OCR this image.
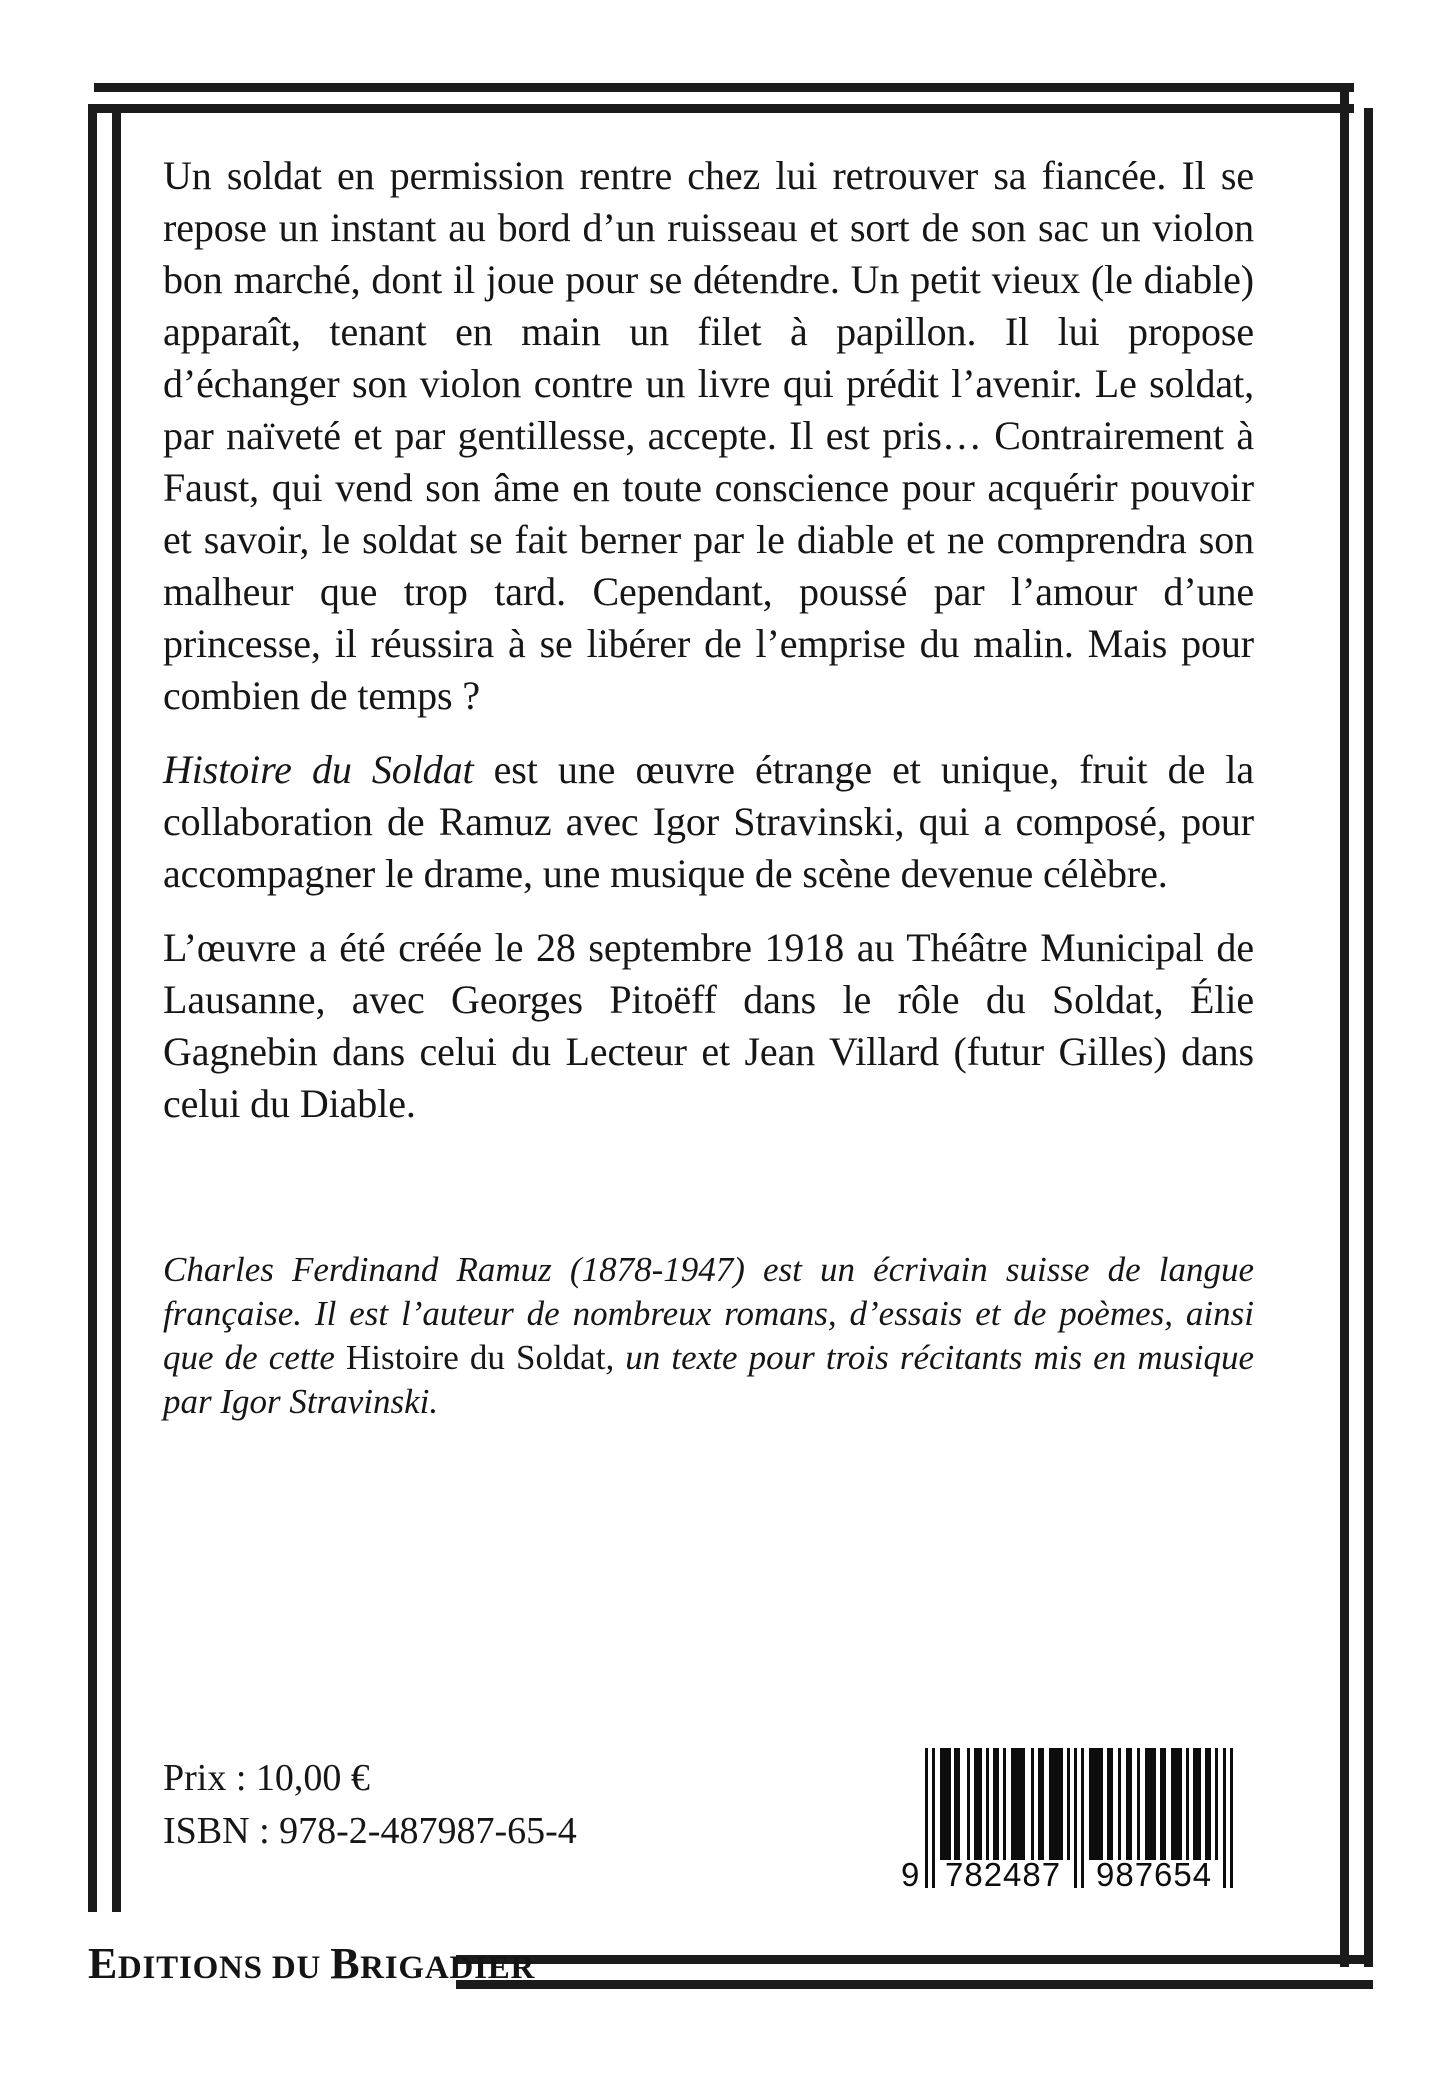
Un soldat en permission rentre chez lui retrouver sa fiancée. Il se repose un instant au bord d’un ruisseau et sort de son sac un violon bon marché, dont il joue pour se détendre. Un petit vieux (le diable) apparaît, tenant en main un filet à papillon. Il lui propose d’échanger son violon contre un livre qui prédit l’avenir. Le soldat, par naïveté et par gentillesse, accepte. Il est pris… Contrairement à Faust, qui vend son âme en toute conscience pour acquérir pouvoir et savoir, le soldat se fait berner par le diable et ne comprendra son malheur que trop tard. Cependant, poussé par l’amour d’une princesse, il réussira à se libérer de l’emprise du malin. Mais pour combien de temps ?

Histoire du Soldat est une œuvre étrange et unique, fruit de la collaboration de Ramuz avec Igor Stravinski, qui a composé, pour accompagner le drame, une musique de scène devenue célèbre.

L’œuvre a été créée le 28 septembre 1918 au Théâtre Municipal de Lausanne, avec Georges Pitoëff dans le rôle du Soldat, Élie Gagnebin dans celui du Lecteur et Jean Villard (futur Gilles) dans celui du Diable.

Charles Ferdinand Ramuz (1878-1947) est un écrivain suisse de langue française. Il est l’auteur de nombreux romans, d’essais et de poèmes, ainsi que de cette Histoire du Soldat, un texte pour trois récitants mis en musique par Igor Stravinski.

Prix : 10,00 €
ISBN : 978-2-487987-65-4
9 782487 987654
EDITIONS DU BRIGADIER
